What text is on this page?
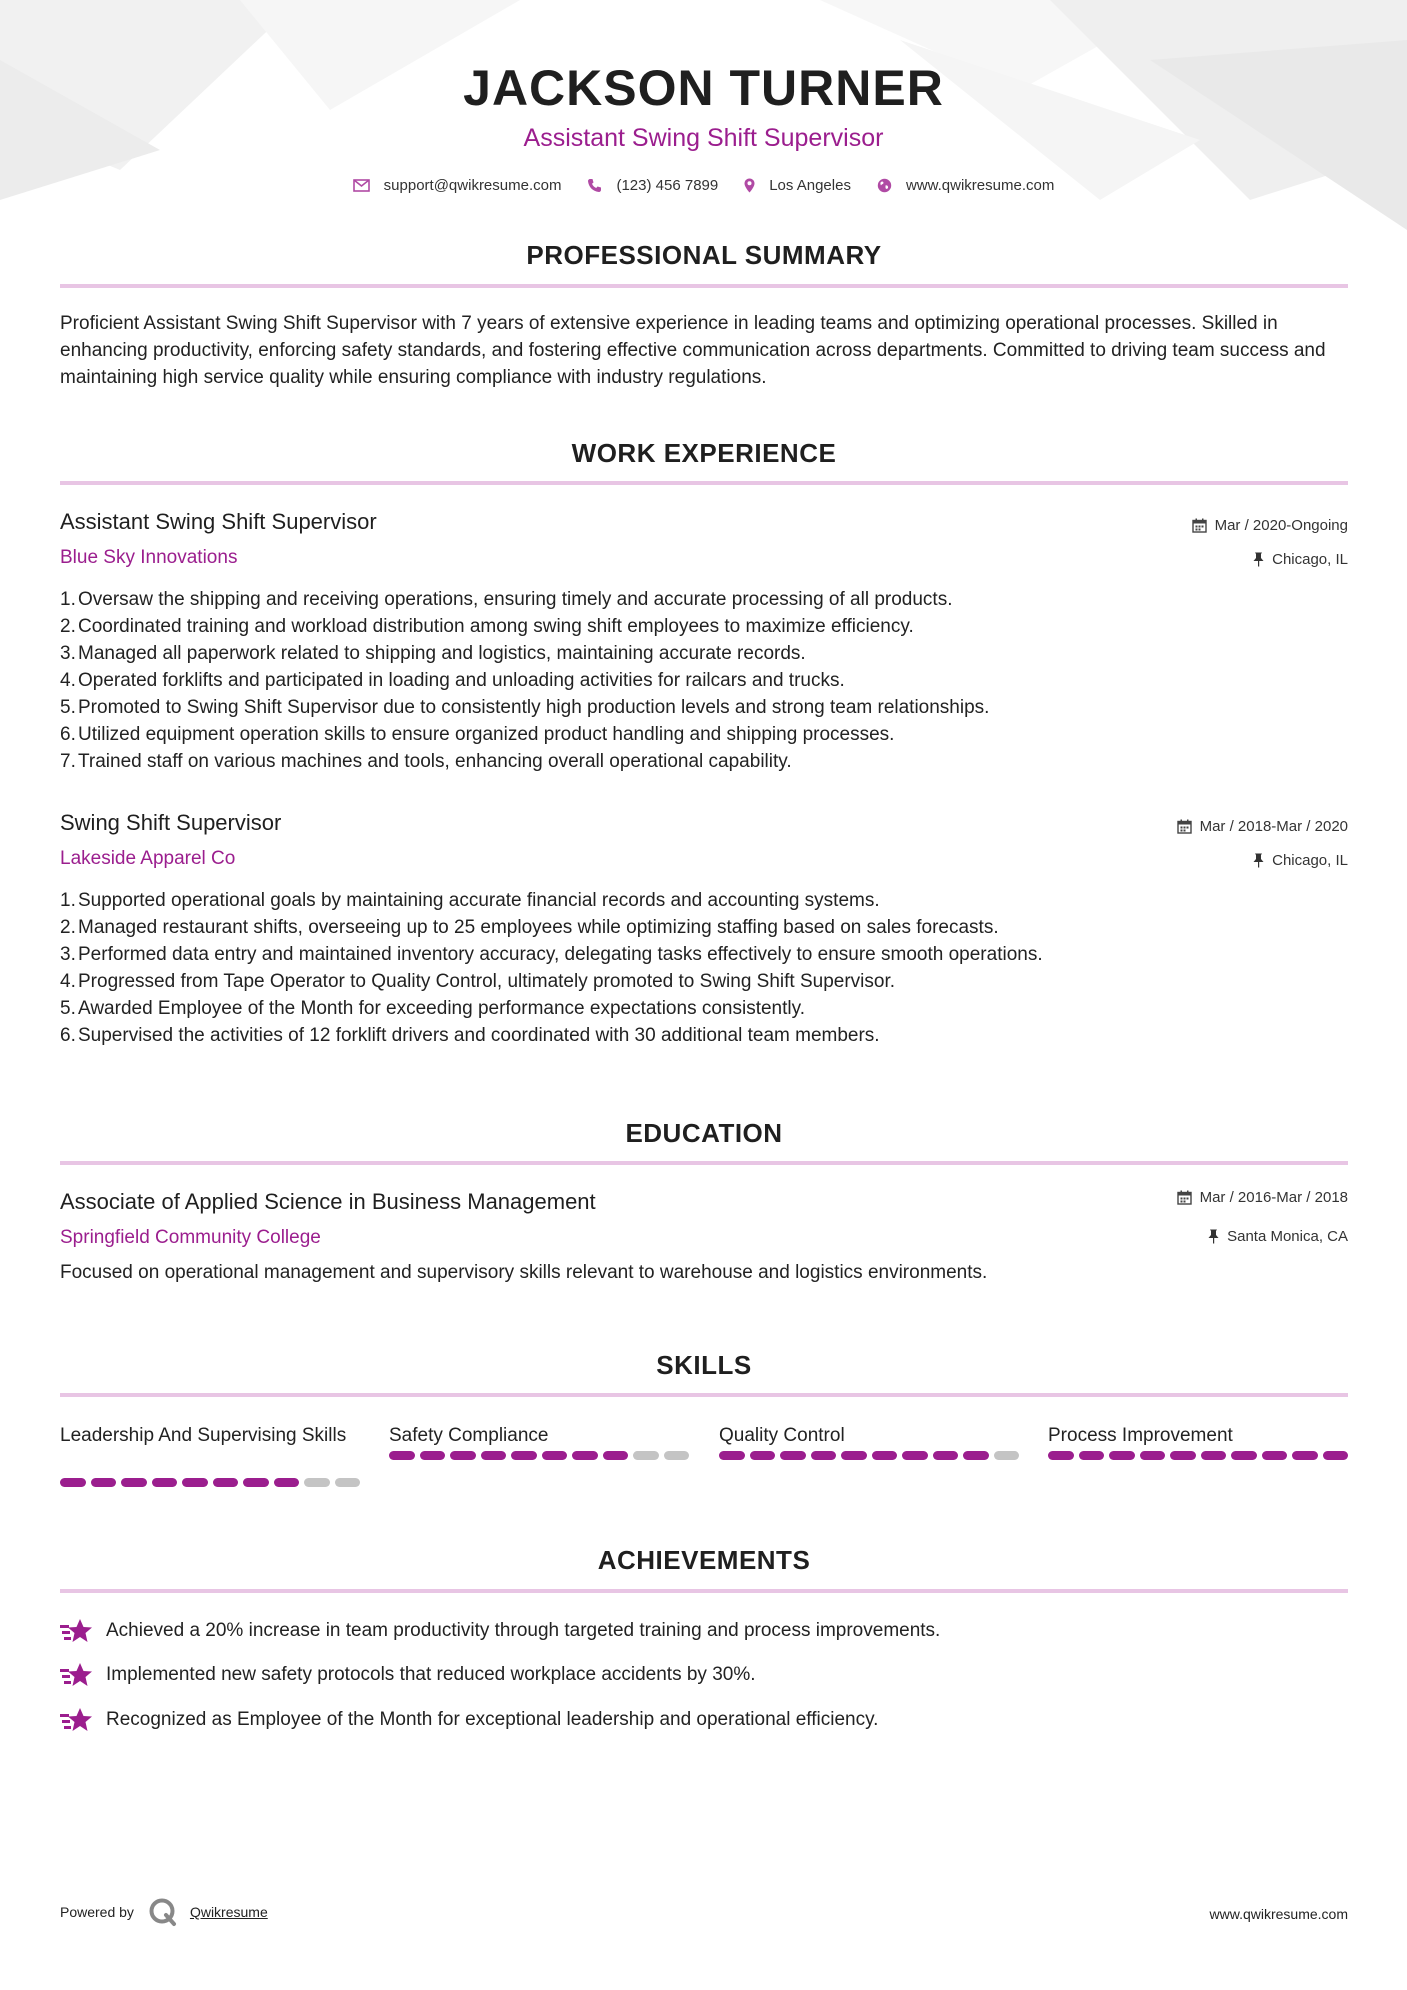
JACKSON TURNER
Assistant Swing Shift Supervisor
support@qwikresume.com	(123) 456 7899	Los Angeles	www.qwikresume.com
PROFESSIONAL SUMMARY
Proficient Assistant Swing Shift Supervisor with 7 years of extensive experience in leading teams and optimizing operational processes. Skilled in enhancing productivity, enforcing safety standards, and fostering effective communication across departments. Committed to driving team success and maintaining high service quality while ensuring compliance with industry regulations.
WORK EXPERIENCE
Assistant Swing Shift Supervisor
Blue Sky Innovations
Mar / 2020-Ongoing
Chicago, IL
1. Oversaw the shipping and receiving operations, ensuring timely and accurate processing of all products.
2. Coordinated training and workload distribution among swing shift employees to maximize efficiency.
3. Managed all paperwork related to shipping and logistics, maintaining accurate records.
4. Operated forklifts and participated in loading and unloading activities for railcars and trucks.
5. Promoted to Swing Shift Supervisor due to consistently high production levels and strong team relationships.
6. Utilized equipment operation skills to ensure organized product handling and shipping processes.
7. Trained staff on various machines and tools, enhancing overall operational capability.
Swing Shift Supervisor
Lakeside Apparel Co
Mar / 2018-Mar / 2020
Chicago, IL
1. Supported operational goals by maintaining accurate financial records and accounting systems.
2. Managed restaurant shifts, overseeing up to 25 employees while optimizing staffing based on sales forecasts.
3. Performed data entry and maintained inventory accuracy, delegating tasks effectively to ensure smooth operations.
4. Progressed from Tape Operator to Quality Control, ultimately promoted to Swing Shift Supervisor.
5. Awarded Employee of the Month for exceeding performance expectations consistently.
6. Supervised the activities of 12 forklift drivers and coordinated with 30 additional team members.
EDUCATION
Associate of Applied Science in Business Management
Springfield Community College
Mar / 2016-Mar / 2018
Santa Monica, CA
Focused on operational management and supervisory skills relevant to warehouse and logistics environments.
SKILLS
Leadership And Supervising Skills	Safety Compliance	Quality Control	Process Improvement
ACHIEVEMENTS
Achieved a 20% increase in team productivity through targeted training and process improvements.
Implemented new safety protocols that reduced workplace accidents by 30%.
Recognized as Employee of the Month for exceptional leadership and operational efficiency.
Powered by	Qwikresume	www.qwikresume.com
